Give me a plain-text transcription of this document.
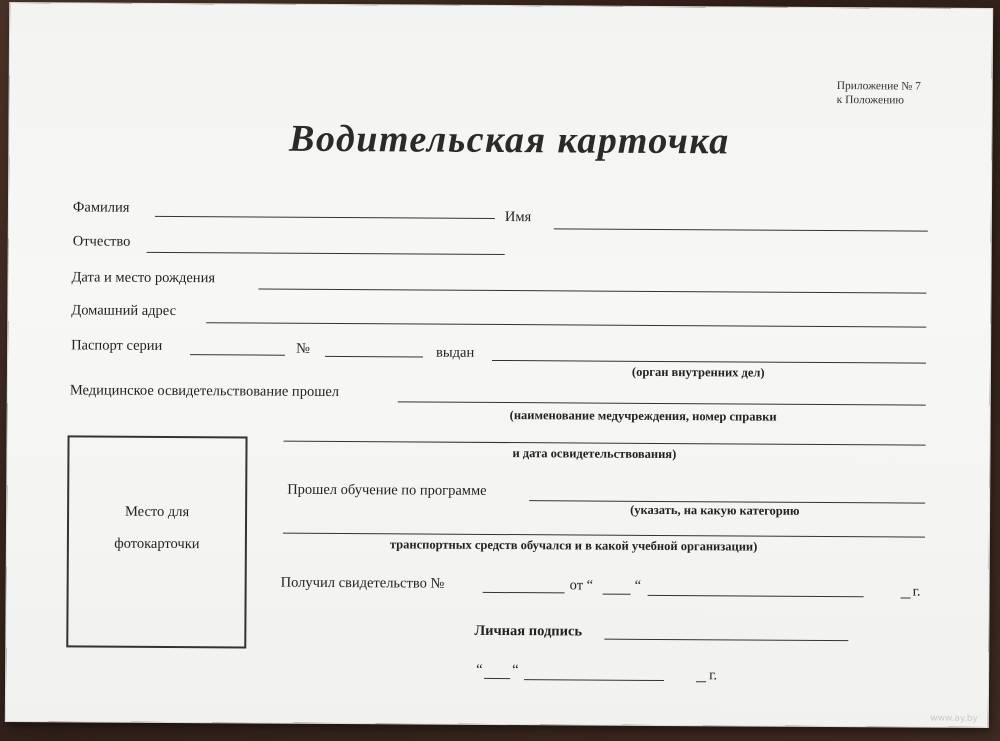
Приложение № 7
к Положению
Водительская карточка
Фамилия
Имя
Отчество
Дата и место рождения
Домашний адрес
Паспорт серии	№	выдан
(орган внутренних дел)
Медицинское освидетельствование прошел
(наименование медучреждения, номер справки
и дата освидетельствования)
Место для
фотокарточки
Прошел обучение по программе
(указать, на какую категорию
транспортных средств обучался и в какой учебной организации)
Получил свидетельство №	от “	“	г.
Личная подпись
“ “	г.
www.ay.by
